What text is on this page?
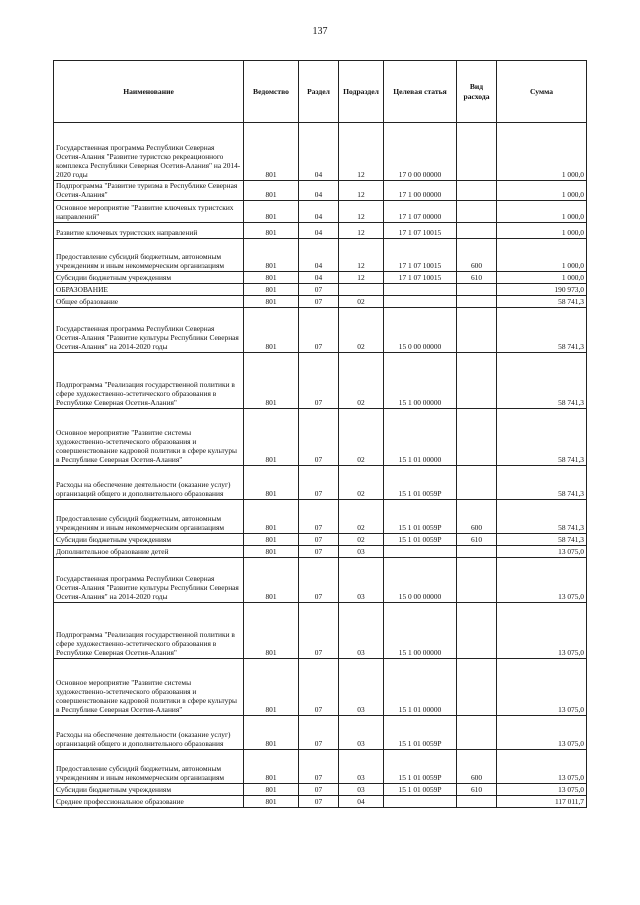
137
Наименование	Ведомство	Раздел	Подраздел	Целевая статья	Вид расхода	Сумма
Государственная программа Республики Северная Осетия-Алания "Развитие туристско рекреационного комплекса Республики Северная Осетия-Алания" на 2014-2020 годы	801	04	12	17 0 00 00000		1 000,0
Подпрограмма "Развитие туризма в Республике Северная Осетия-Алания"	801	04	12	17 1 00 00000		1 000,0
Основное мероприятие "Развитие ключевых туристских направлений"	801	04	12	17 1 07 00000		1 000,0
Развитие ключевых туристских направлений	801	04	12	17 1 07 10015		1 000,0
Предоставление субсидий бюджетным, автономным учреждениям и иным некоммерческим организациям	801	04	12	17 1 07 10015	600	1 000,0
Субсидии бюджетным учреждениям	801	04	12	17 1 07 10015	610	1 000,0
ОБРАЗОВАНИЕ	801	07				190 973,0
Общее образование	801	07	02			58 741,3
Государственная программа Республики Северная Осетия-Алания "Развитие культуры Республики Северная Осетия-Алания" на 2014-2020 годы	801	07	02	15 0 00 00000		58 741,3
Подпрограмма "Реализация государственной политики в сфере художественно-эстетического образования в Республике Северная Осетия-Алания"	801	07	02	15 1 00 00000		58 741,3
Основное мероприятие "Развитие системы художественно-эстетического образования и совершенствование кадровой политики в сфере культуры в Республике Северная Осетия-Алания"	801	07	02	15 1 01 00000		58 741,3
Расходы на обеспечение деятельности (оказание услуг) организаций общего и дополнительного образования	801	07	02	15 1 01 0059P		58 741,3
Предоставление субсидий бюджетным, автономным учреждениям и иным некоммерческим организациям	801	07	02	15 1 01 0059P	600	58 741,3
Субсидии бюджетным учреждениям	801	07	02	15 1 01 0059P	610	58 741,3
Дополнительное образование детей	801	07	03			13 075,0
Государственная программа Республики Северная Осетия-Алания "Развитие культуры Республики Северная Осетия-Алания" на 2014-2020 годы	801	07	03	15 0 00 00000		13 075,0
Подпрограмма "Реализация государственной политики в сфере художественно-эстетического образования в Республике Северная Осетия-Алания"	801	07	03	15 1 00 00000		13 075,0
Основное мероприятие "Развитие системы художественно-эстетического образования и совершенствование кадровой политики в сфере культуры в Республике Северная Осетия-Алания"	801	07	03	15 1 01 00000		13 075,0
Расходы на обеспечение деятельности (оказание услуг) организаций общего и дополнительного образования	801	07	03	15 1 01 0059P		13 075,0
Предоставление субсидий бюджетным, автономным учреждениям и иным некоммерческим организациям	801	07	03	15 1 01 0059P	600	13 075,0
Субсидии бюджетным учреждениям	801	07	03	15 1 01 0059P	610	13 075,0
Среднее профессиональное образование	801	07	04			117 011,7
